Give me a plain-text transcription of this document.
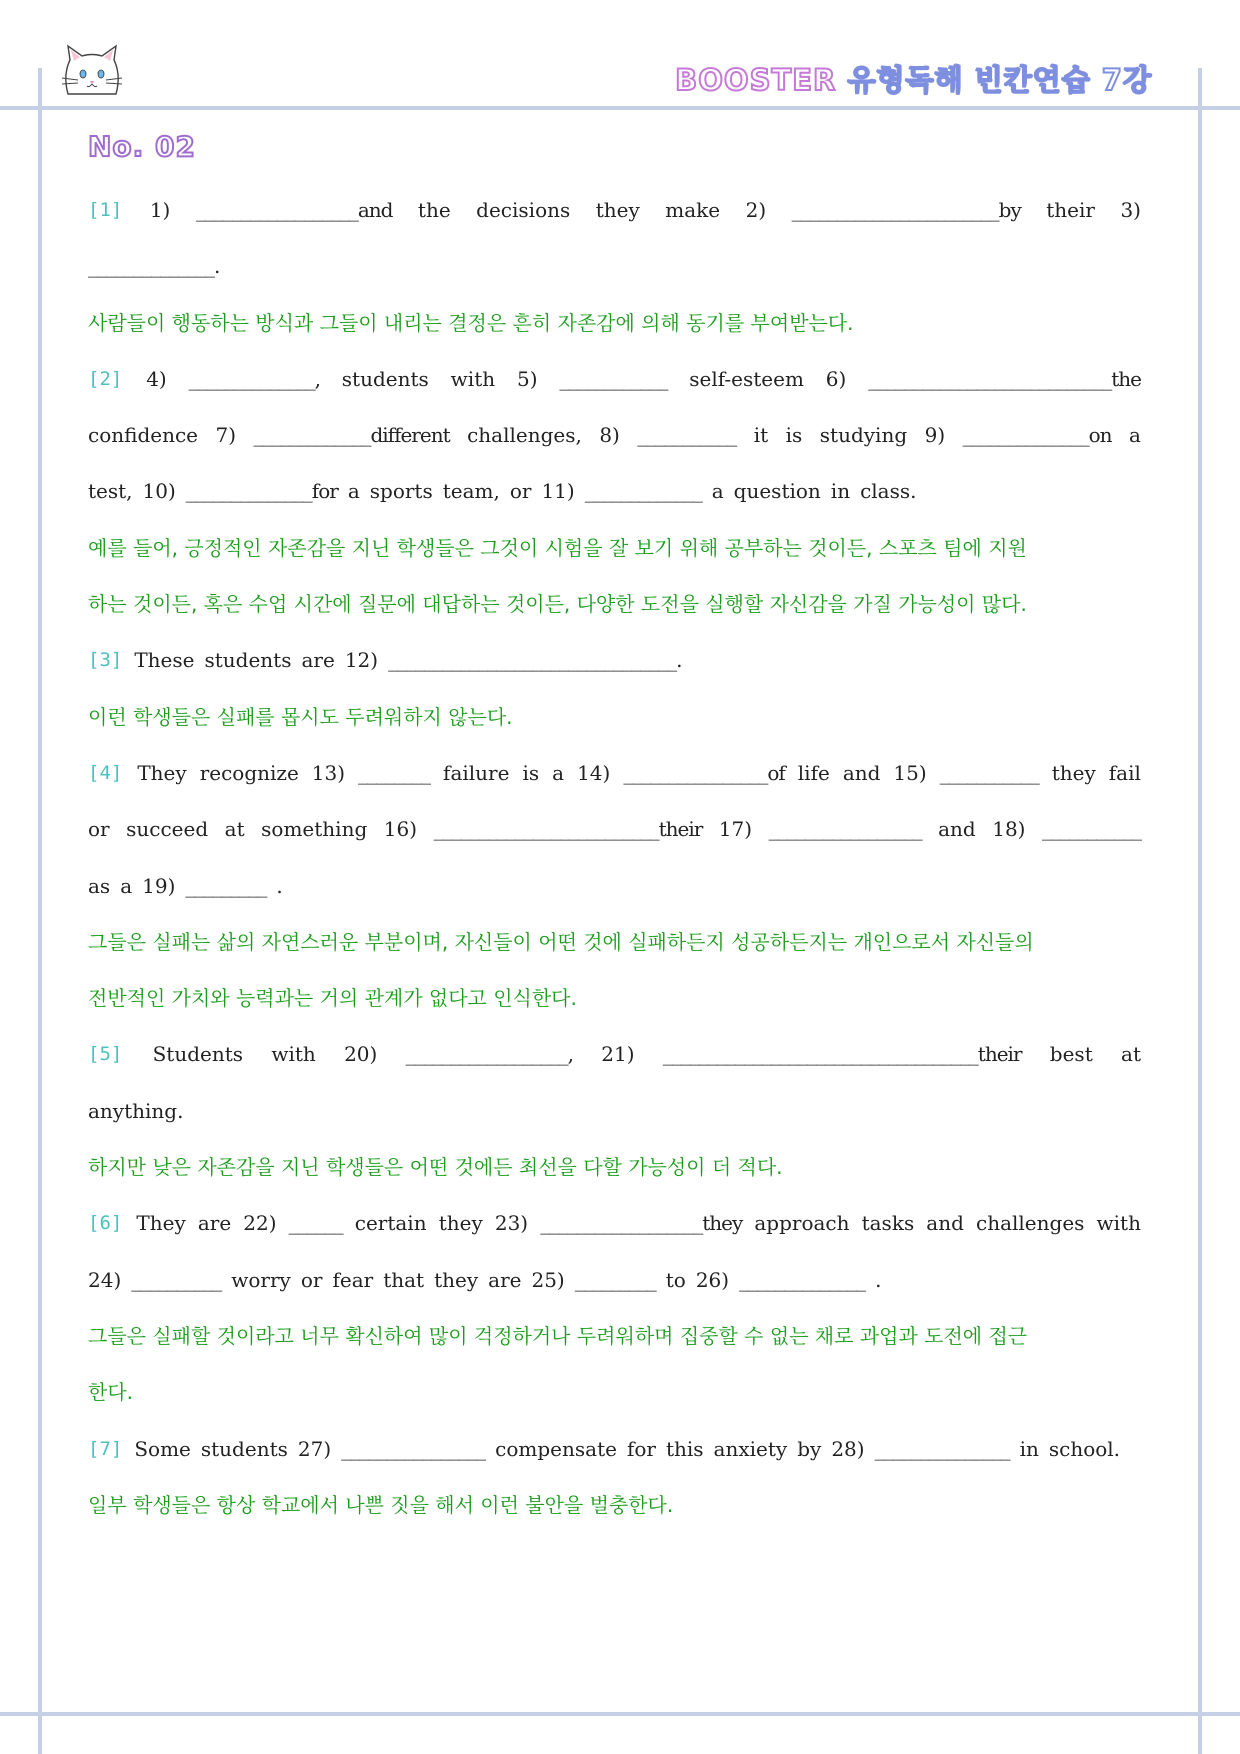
BOOSTER 유형독해 빈칸연습 7강
No. 02
[1] 1) __________________and the decisions they make 2) _______________________by their 3)
______________.
사람들이 행동하는 방식과 그들이 내리는 결정은 흔히 자존감에 의해 동기를 부여받는다.
[2] 4) ______________, students with 5) ____________ self-esteem 6) ___________________________the
confidence 7) _____________different challenges, 8) ___________ it is studying 9) ______________on a
test, 10) ______________for a sports team, or 11) _____________ a question in class.
예를 들어, 긍정적인 자존감을 지닌 학생들은 그것이 시험을 잘 보기 위해 공부하는 것이든, 스포츠 팀에 지원
하는 것이든, 혹은 수업 시간에 질문에 대답하는 것이든, 다양한 도전을 실행할 자신감을 가질 가능성이 많다.
[3] These students are 12) ________________________________.
이런 학생들은 실패를 몹시도 두려워하지 않는다.
[4] They recognize 13) ________ failure is a 14) ________________of life and 15) ___________ they fail
or succeed at something 16) _________________________their 17) _________________ and 18) ___________
as a 19) _________ .
그들은 실패는 삶의 자연스러운 부분이며, 자신들이 어떤 것에 실패하든지 성공하든지는 개인으로서 자신들의
전반적인 가치와 능력과는 거의 관계가 없다고 인식한다.
[5] Students with 20) __________________, 21) ___________________________________their best at
anything.
하지만 낮은 자존감을 지닌 학생들은 어떤 것에든 최선을 다할 가능성이 더 적다.
[6] They are 22) ______ certain they 23) __________________they approach tasks and challenges with
24) __________ worry or fear that they are 25) _________ to 26) ______________ .
그들은 실패할 것이라고 너무 확신하여 많이 걱정하거나 두려워하며 집중할 수 없는 채로 과업과 도전에 접근
한다.
[7] Some students 27) ________________ compensate for this anxiety by 28) _______________ in school.
일부 학생들은 항상 학교에서 나쁜 짓을 해서 이런 불안을 벌충한다.
